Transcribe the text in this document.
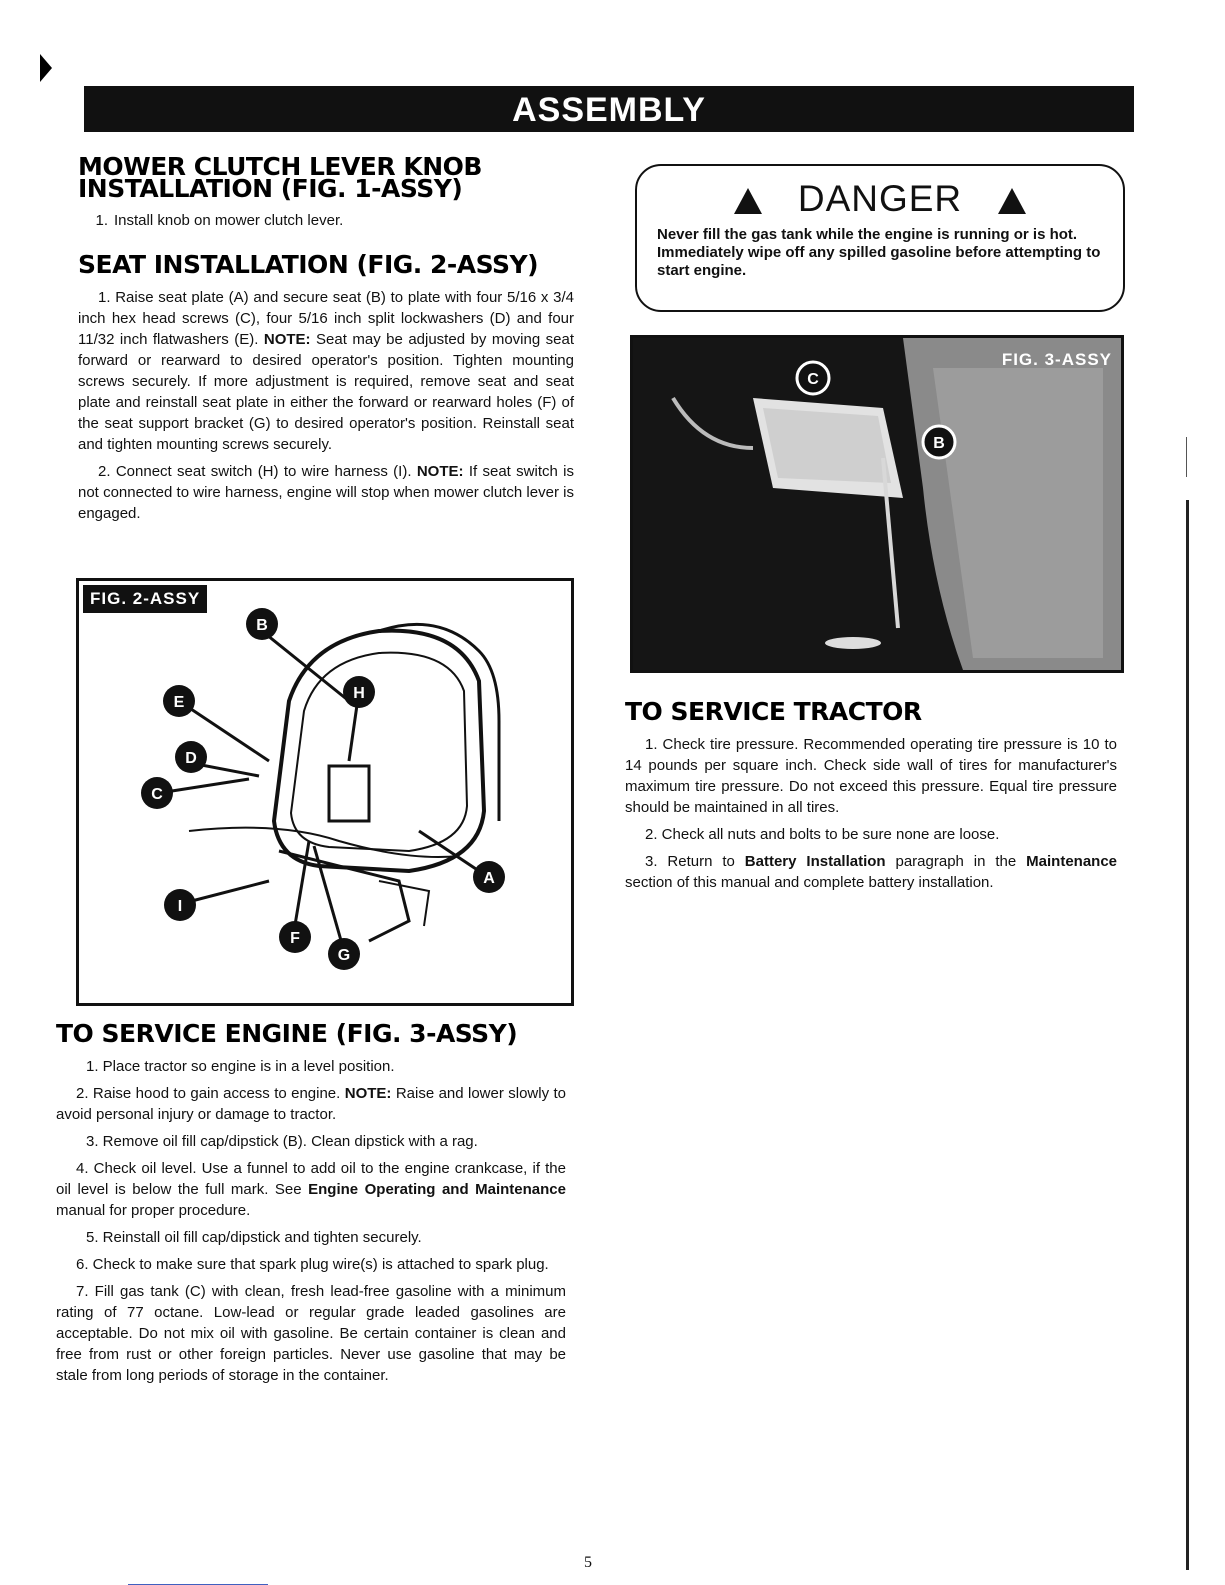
ASSEMBLY
MOWER CLUTCH LEVER KNOB
INSTALLATION (FIG. 1-ASSY)
1. Install knob on mower clutch lever.
SEAT INSTALLATION (FIG. 2-ASSY)
1. Raise seat plate (A) and secure seat (B) to plate with four 5/16 x 3/4 inch hex head screws (C), four 5/16 inch split lockwashers (D) and four 11/32 inch flatwashers (E). NOTE: Seat may be adjusted by moving seat forward or rearward to desired operator's position. Tighten mounting screws securely. If more adjustment is required, remove seat and seat plate and reinstall seat plate in either the forward or rearward holes (F) of the seat support bracket (G) to desired operator's position. Reinstall seat and tighten mounting screws securely.
2. Connect seat switch (H) to wire harness (I). NOTE: If seat switch is not connected to wire harness, engine will stop when mower clutch lever is engaged.
FIG. 2-ASSY
B
H
E
D
C
A
I
F
G
TO SERVICE ENGINE (FIG. 3-ASSY)
1. Place tractor so engine is in a level position.
2. Raise hood to gain access to engine. NOTE: Raise and lower slowly to avoid personal injury or damage to tractor.
3. Remove oil fill cap/dipstick (B). Clean dipstick with a rag.
4. Check oil level. Use a funnel to add oil to the engine crankcase, if the oil level is below the full mark. See Engine Operating and Maintenance manual for proper procedure.
5. Reinstall oil fill cap/dipstick and tighten securely.
6. Check to make sure that spark plug wire(s) is attached to spark plug.
7. Fill gas tank (C) with clean, fresh lead-free gasoline with a minimum rating of 77 octane. Low-lead or regular grade leaded gasolines are acceptable. Do not mix oil with gasoline. Be certain container is clean and free from rust or other foreign particles. Never use gasoline that may be stale from long periods of storage in the container.
DANGER
Never fill the gas tank while the engine is running or is hot. Immediately wipe off any spilled gasoline before attempting to start engine.
C
B
FIG. 3-ASSY
TO SERVICE TRACTOR
1. Check tire pressure. Recommended operating tire pressure is 10 to 14 pounds per square inch. Check side wall of tires for manufacturer's maximum tire pressure. Do not exceed this pressure. Equal tire pressure should be maintained in all tires.
2. Check all nuts and bolts to be sure none are loose.
3. Return to Battery Installation paragraph in the Maintenance section of this manual and complete battery installation.
5
